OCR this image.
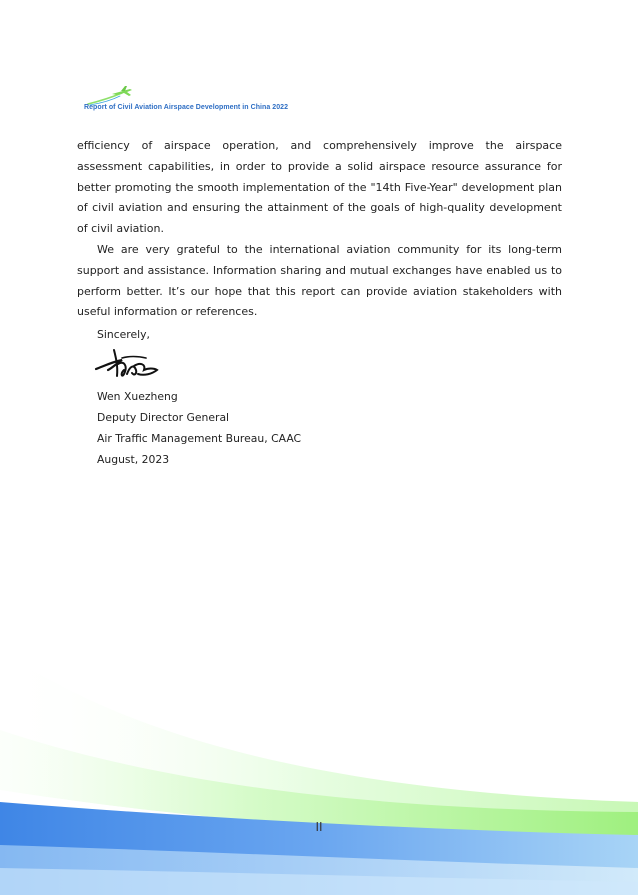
Report of Civil Aviation Airspace Development in China 2022

efficiency of airspace operation, and comprehensively improve the airspace assessment capabilities, in order to provide a solid airspace resource assurance for better promoting the smooth implementation of the "14th Five-Year" development plan of civil aviation and ensuring the attainment of the goals of high-quality development of civil aviation.

We are very grateful to the international aviation community for its long-term support and assistance. Information sharing and mutual exchanges have enabled us to perform better. It’s our hope that this report can provide aviation stakeholders with useful information or references.

Sincerely,
Wen Xuezheng
Deputy Director General
Air Traffic Management Bureau, CAAC
August, 2023
II
